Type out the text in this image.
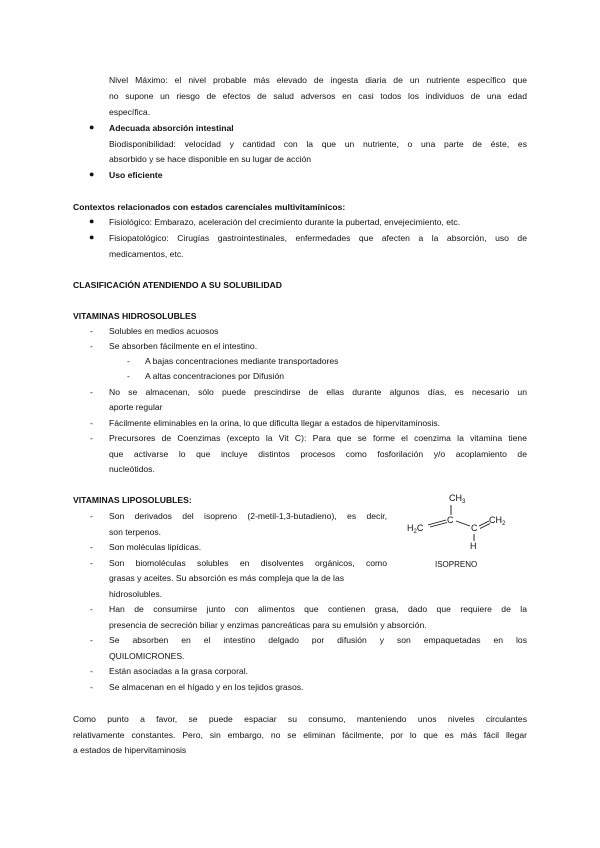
Nivel Máximo: el nivel probable más elevado de ingesta diaria de un nutriente específico que
no supone un riesgo de efectos de salud adversos en casi todos los individuos de una edad
específica.
● Adecuada absorción intestinal
Biodisponibilidad: velocidad y cantidad con la que un nutriente, o una parte de éste, es
absorbido y se hace disponible en su lugar de acción
● Uso eficiente
Contextos relacionados con estados carenciales multivitamínicos:
● Fisiológico: Embarazo, aceleración del crecimiento durante la pubertad, envejecimiento, etc.
● Fisiopatológico: Cirugías gastrointestinales, enfermedades que afecten a la absorción, uso de
medicamentos, etc.
CLASIFICACIÓN ATENDIENDO A SU SOLUBILIDAD
VITAMINAS HIDROSOLUBLES
- Solubles en medios acuosos
- Se absorben fácilmente en el intestino.
- A bajas concentraciones mediante transportadores
- A altas concentraciones por Difusión
- No se almacenan, sólo puede prescindirse de ellas durante algunos días, es necesario un
aporte regular
- Fácilmente eliminables en la orina, lo que dificulta llegar a estados de hipervitaminosis.
- Precursores de Coenzimas (excepto la Vit C): Para que se forme el coenzima la vitamina tiene
que activarse lo que incluye distintos procesos como fosforilación y/o acoplamiento de
nucleótidos.
VITAMINAS LIPOSOLUBLES:
- Son derivados del isopreno (2-metil-1,3-butadieno), es decir,
son terpenos.
- Son moléculas lipídicas.
- Son biomoléculas solubles en disolventes orgánicos, como
grasas y aceites. Su absorción es más compleja que la de las
hidrosolubles.
- Han de consumirse junto con alimentos que contienen grasa, dado que requiere de la
presencia de secreción biliar y enzimas pancreáticas para su emulsión y absorción.
- Se absorben en el intestino delgado por difusión y son empaquetadas en los
QUILOMICRONES.
- Están asociadas a la grasa corporal.
- Se almacenan en el hígado y en los tejidos grasos.
$CH_3$
$H_2C$
C
C
$CH_2$
H
ISOPRENO
Como punto a favor, se puede espaciar su consumo, manteniendo unos niveles circulantes
relativamente constantes. Pero, sin embargo, no se eliminan fácilmente, por lo que es más fácil llegar
a estados de hipervitaminosis
